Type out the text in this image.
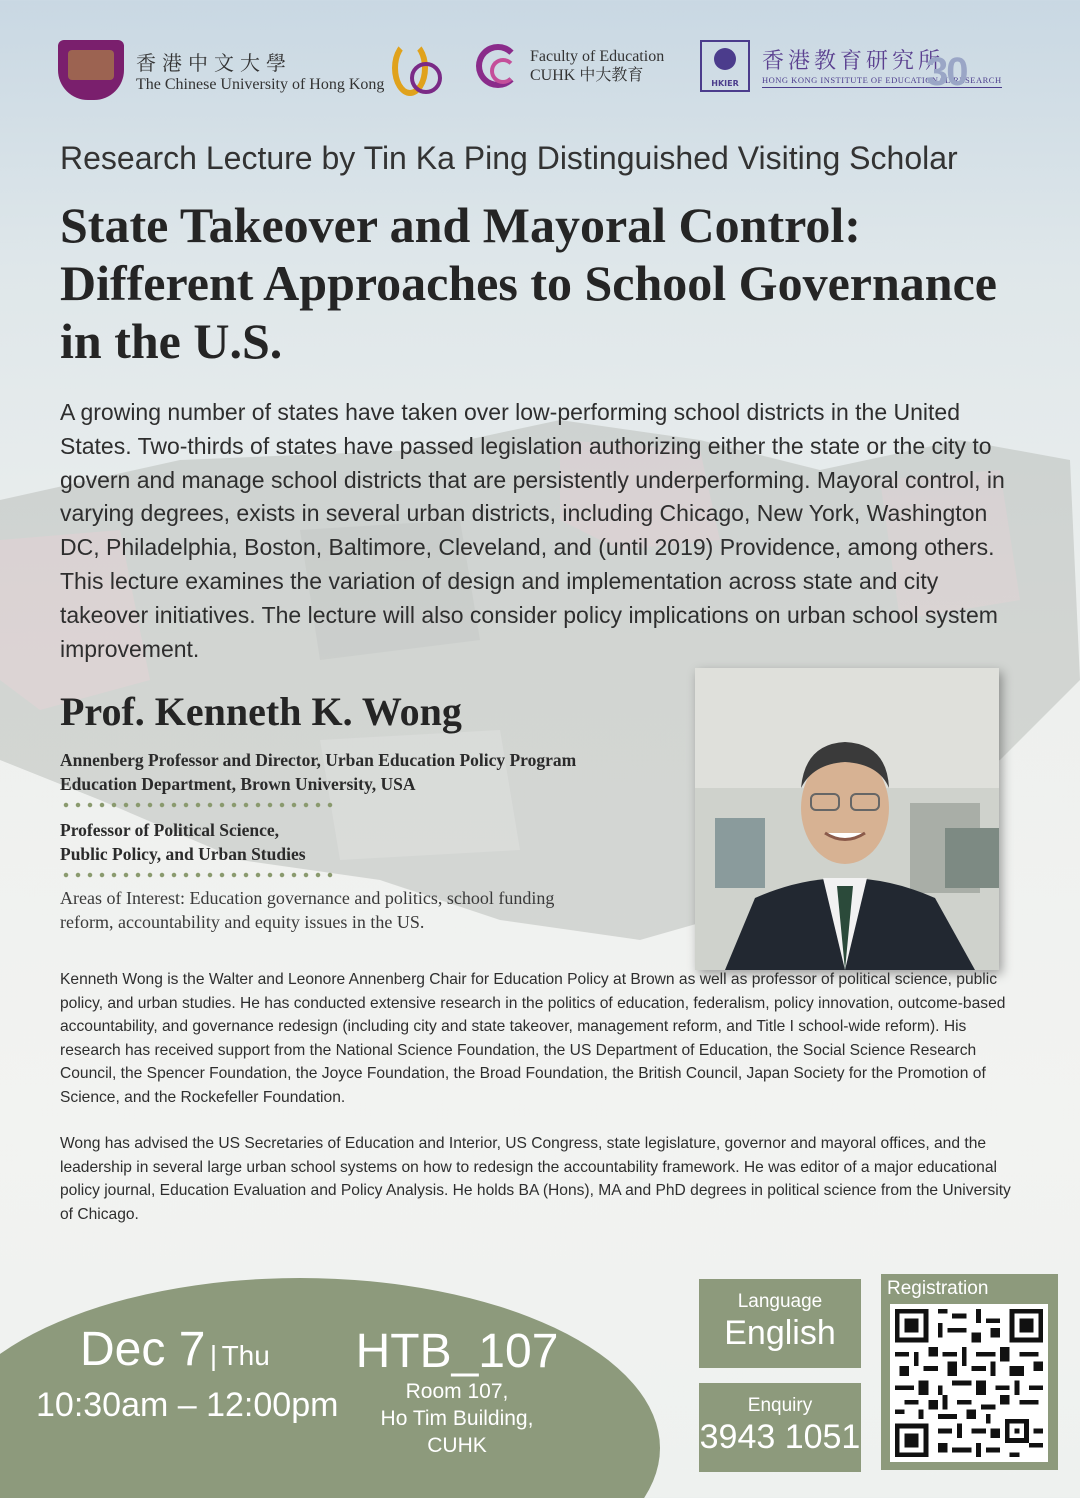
香港中文大學
The Chinese University of Hong Kong
Faculty of Education
CUHK 中大教育	HKIER
香港教育研究所
HONG KONG INSTITUTE OF EDUCATIONAL RESEARCH
30
Research Lecture by Tin Ka Ping Distinguished Visiting Scholar
State Takeover and Mayoral Control: Different Approaches to School Governance in the U.S.

A growing number of states have taken over low-performing school districts in the United States. Two-thirds of states have passed legislation authorizing either the state or the city to govern and manage school districts that are persistently underperforming. Mayoral control, in varying degrees, exists in several urban districts, including Chicago, New York, Washington DC, Philadelphia, Boston, Baltimore, Cleveland, and (until 2019) Providence, among others. This lecture examines the variation of design and implementation across state and city takeover initiatives. The lecture will also consider policy implications on urban school system improvement.

Prof. Kenneth K. Wong
Annenberg Professor and Director, Urban Education Policy Program
Education Department, Brown University, USA
Professor of Political Science,
Public Policy, and Urban Studies

Areas of Interest: Education governance and politics, school funding reform, accountability and equity issues in the US.

Kenneth Wong is the Walter and Leonore Annenberg Chair for Education Policy at Brown as well as professor of political science, public policy, and urban studies. He has conducted extensive research in the politics of education, federalism, policy innovation, outcome-based accountability, and governance redesign (including city and state takeover, management reform, and Title I school-wide reform). His research has received support from the National Science Foundation, the US Department of Education, the Social Science Research Council, the Spencer Foundation, the Joyce Foundation, the Broad Foundation, the British Council, Japan Society for the Promotion of Science, and the Rockefeller Foundation.

Wong has advised the US Secretaries of Education and Interior, US Congress, state legislature, governor and mayoral offices, and the leadership in several large urban school systems on how to redesign the accountability framework. He was editor of a major educational policy journal, Education Evaluation and Policy Analysis. He holds BA (Hons), MA and PhD degrees in political science from the University of Chicago.

Dec 7 | Thu
10:30am – 12:00pm
HTB_107
Room 107,
Ho Tim Building, CUHK
Language
English
Enquiry
3943 1051
Registration
